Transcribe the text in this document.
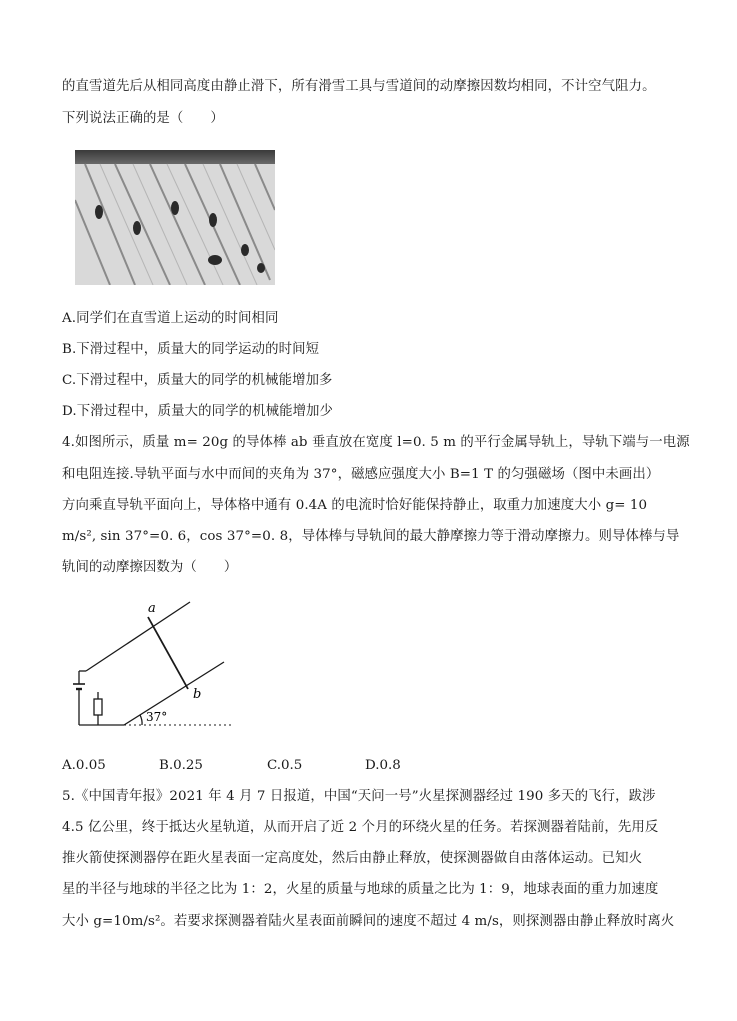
的直雪道先后从相同高度由静止滑下，所有滑雪工具与雪道间的动摩擦因数均相同，不计空气阻力。
下列说法正确的是（　　）
A.同学们在直雪道上运动的时间相同
B.下滑过程中，质量大的同学运动的时间短
C.下滑过程中，质量大的同学的机械能增加多
D.下滑过程中，质量大的同学的机械能增加少
4.如图所示，质量 m= 20g 的导体棒 ab 垂直放在宽度 l=0. 5 m 的平行金属导轨上，导轨下端与一电源
和电阻连接.导轨平面与水中而间的夹角为 37°，磁感应强度大小 B=1 T 的匀强磁场（图中未画出）
方向乘直导轨平面向上，导体格中通有 0.4A 的电流时恰好能保持静止，取重力加速度大小 g= 10
m/s², sin 37°=0. 6，cos 37°=0. 8，导体棒与导轨间的最大静摩擦力等于滑动摩擦力。则导体棒与导
轨间的动摩擦因数为（　　）
a
b
37°
A.0.05	B.0.25	C.0.5	D.0.8
5.《中国青年报》2021 年 4 月 7 日报道，中国“天问一号”火星探测器经过 190 多天的飞行，跋涉
4.5 亿公里，终于抵达火星轨道，从而开启了近 2 个月的环绕火星的任务。若探测器着陆前，先用反
推火箭使探测器停在距火星表面一定高度处，然后由静止释放，使探测器做自由落体运动。已知火
星的半径与地球的半径之比为 1：2，火星的质量与地球的质量之比为 1：9，地球表面的重力加速度
大小 g=10m/s²。若要求探测器着陆火星表面前瞬间的速度不超过 4 m/s，则探测器由静止释放时离火
